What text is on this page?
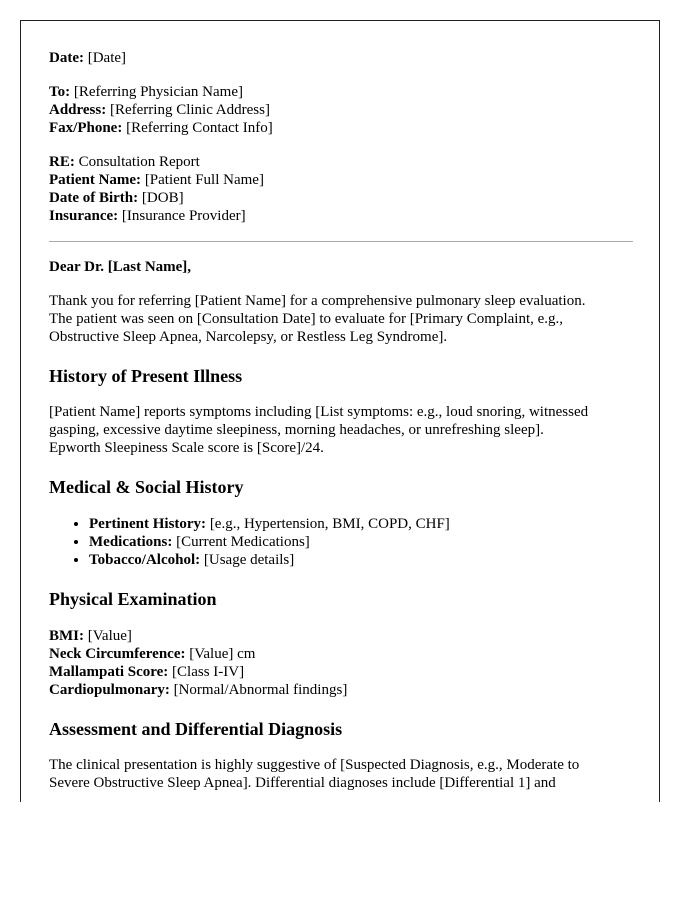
Date: [Date]
To: [Referring Physician Name]
Address: [Referring Clinic Address]
Fax/Phone: [Referring Contact Info]
RE: Consultation Report
Patient Name: [Patient Full Name]
Date of Birth: [DOB]
Insurance: [Insurance Provider]
Dear Dr. [Last Name],

Thank you for referring [Patient Name] for a comprehensive pulmonary sleep evaluation.
The patient was seen on [Consultation Date] to evaluate for [Primary Complaint, e.g.,
Obstructive Sleep Apnea, Narcolepsy, or Restless Leg Syndrome].

History of Present Illness

[Patient Name] reports symptoms including [List symptoms: e.g., loud snoring, witnessed
gasping, excessive daytime sleepiness, morning headaches, or unrefreshing sleep].
Epworth Sleepiness Scale score is [Score]/24.

Medical & Social History
• Pertinent History: [e.g., Hypertension, BMI, COPD, CHF]
• Medications: [Current Medications]
• Tobacco/Alcohol: [Usage details]
Physical Examination
BMI: [Value]
Neck Circumference: [Value] cm
Mallampati Score: [Class I-IV]
Cardiopulmonary: [Normal/Abnormal findings]
Assessment and Differential Diagnosis

The clinical presentation is highly suggestive of [Suspected Diagnosis, e.g., Moderate to
Severe Obstructive Sleep Apnea]. Differential diagnoses include [Differential 1] and
